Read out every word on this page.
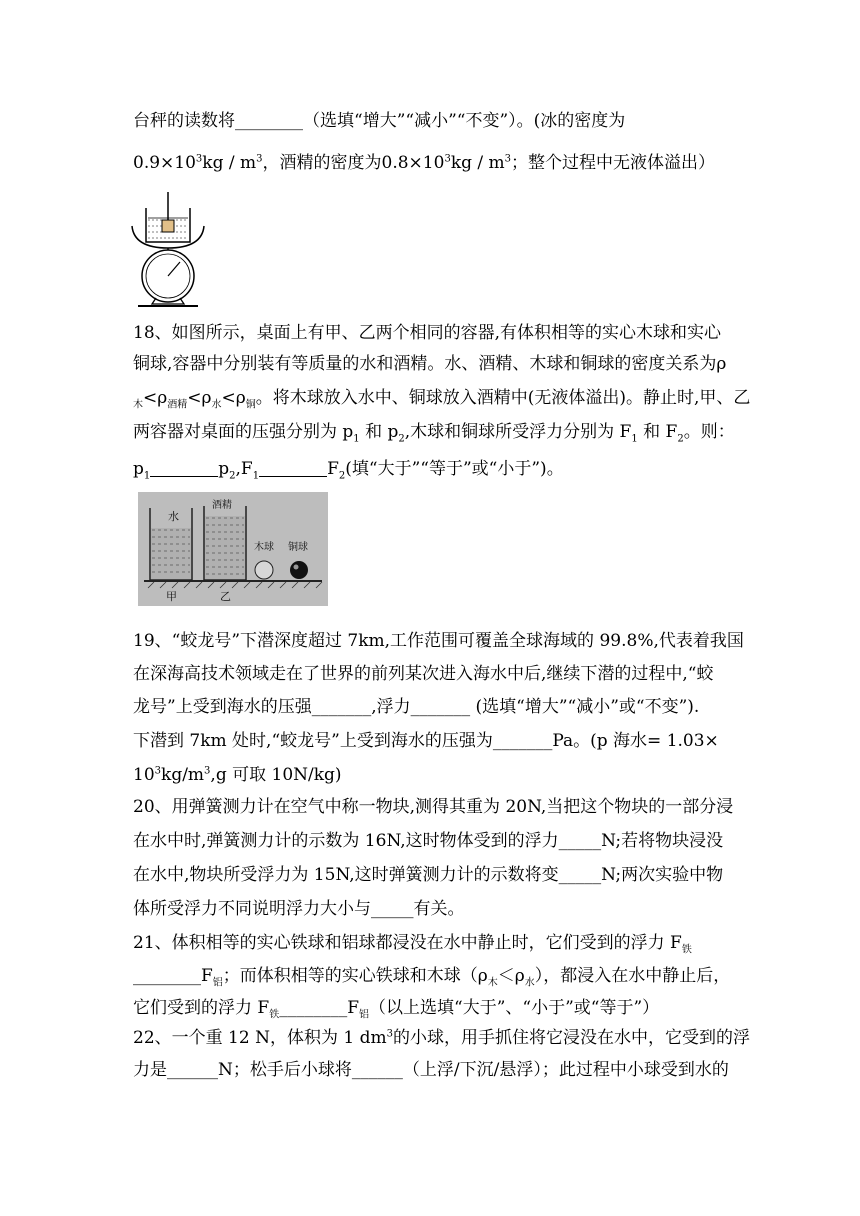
台秤的读数将________（选填“增大”“减小”“不变”）。(冰的密度为
$0.9\times 10^3kg / m^3$，酒精的密度为$0.8\times 10^3kg / m^3$；整个过程中无液体溢出）
18、如图所示，桌面上有甲、乙两个相同的容器,有体积相等的实心木球和实心
铜球,容器中分别装有等质量的水和酒精。水、酒精、木球和铜球的密度关系为ρ
$_木<\rho_{酒精}<\rho_水<\rho_铜$。将木球放入水中、铜球放入酒精中(无液体溢出)。静止时,甲、乙
两容器对桌面的压强分别为 $p_1$ 和 $p_2$,木球和铜球所受浮力分别为 $F_1$ 和 $F_2$。则：
$p_1$	$p_2,F_1$	$F_2$(填“大于”“等于”或“小于”)。
水
酒精
木球 铜球
甲	乙
19、“蛟龙号”下潜深度超过 7km,工作范围可覆盖全球海域的 99.8%,代表着我国
在深海高技术领域走在了世界的前列某次进入海水中后,继续下潜的过程中,“蛟
龙号”上受到海水的压强_______,浮力_______ (选填“增大”“减小”或“不变”).
下潜到 7km 处时,“蛟龙号”上受到海水的压强为_______Pa。(p 海水= 1.03×
$10^3kg/m^3,g$ 可取 10N/kg)
20、用弹簧测力计在空气中称一物块,测得其重为 20N,当把这个物块的一部分浸
在水中时,弹簧测力计的示数为 16N,这时物体受到的浮力_____N;若将物块浸没
在水中,物块所受浮力为 15N,这时弹簧测力计的示数将变_____N;两次实验中物
体所受浮力不同说明浮力大小与_____有关。
21、体积相等的实心铁球和铝球都浸没在水中静止时，它们受到的浮力 $F_铁$
$\_\_\_\_\_\_\_\_F_铝$；而体积相等的实心铁球和木球$(\rho_木<\rho_水)$，都浸入在水中静止后，
它们受到的浮力 $F_铁\_\_\_\_\_\_\_\_F_铝$（以上选填“大于”、“小于”或“等于”）
22、一个重 12 N，体积为 1 $dm^3$的小球，用手抓住将它浸没在水中，它受到的浮
力是______N；松手后小球将______（上浮/下沉/悬浮）；此过程中小球受到水的
